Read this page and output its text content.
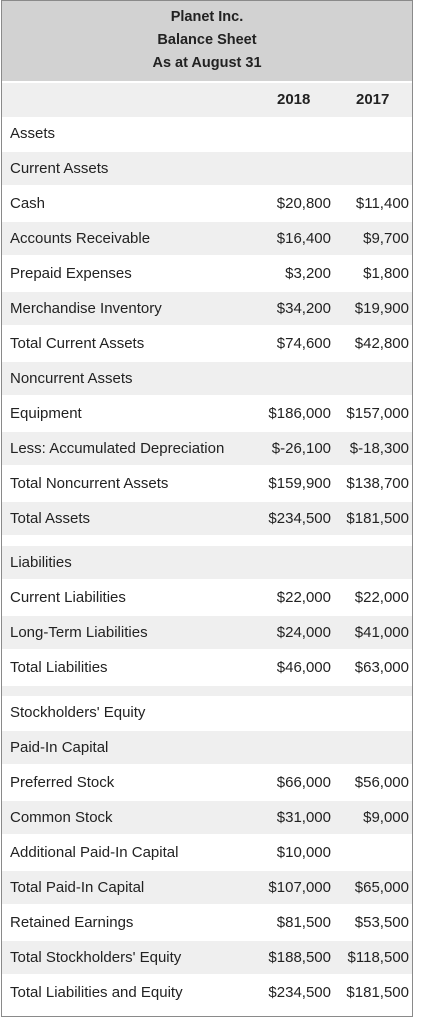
Planet Inc.
Balance Sheet
As at August 31
2018	2017
Assets
Current Assets
Cash	$20,800 $11,400
Accounts Receivable	$16,400 $9,700
Prepaid Expenses	$3,200 $1,800
Merchandise Inventory	$34,200 $19,900
Total Current Assets	$74,600 $42,800
Noncurrent Assets
Equipment	$186,000 $157,000
Less: Accumulated Depreciation	$-26,100 $-18,300
Total Noncurrent Assets	$159,900 $138,700
Total Assets	$234,500 $181,500
Liabilities
Current Liabilities	$22,000 $22,000
Long-Term Liabilities	$24,000 $41,000
Total Liabilities	$46,000 $63,000
Stockholders' Equity
Paid-In Capital
Preferred Stock	$66,000 $56,000
Common Stock	$31,000 $9,000
Additional Paid-In Capital	$10,000
Total Paid-In Capital	$107,000 $65,000
Retained Earnings	$81,500 $53,500
Total Stockholders' Equity	$188,500 $118,500
Total Liabilities and Equity	$234,500 $181,500
